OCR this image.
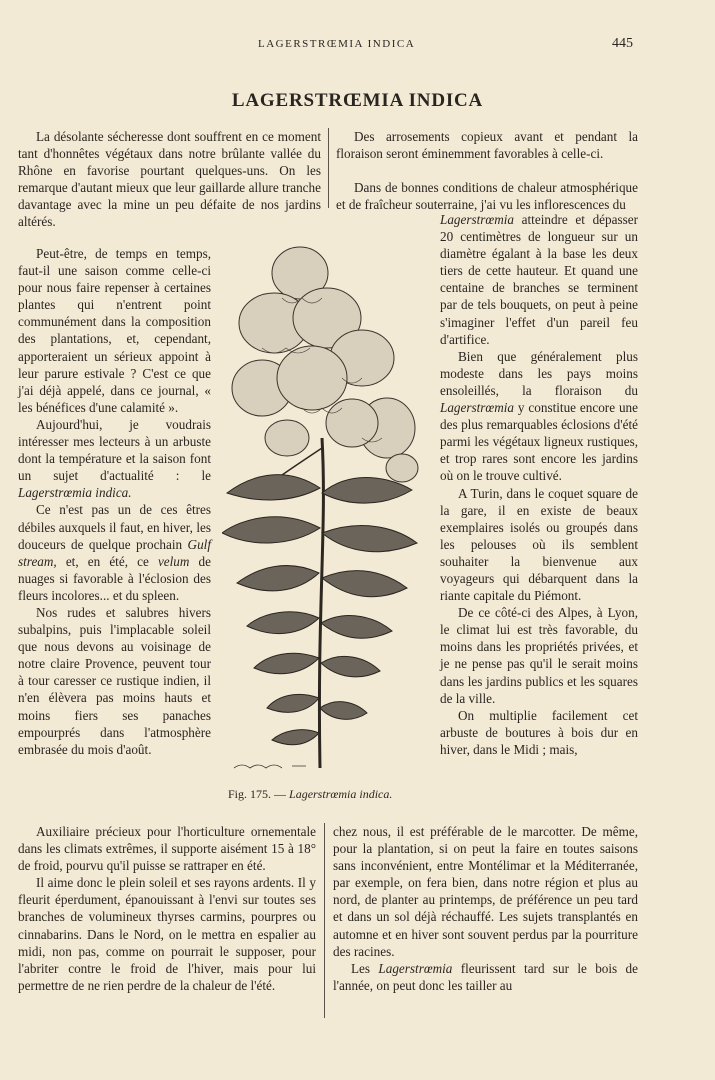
LAGERSTRŒMIA INDICA	445
LAGERSTRŒMIA INDICA

La désolante sécheresse dont souffrent en ce moment tant d'honnêtes végétaux dans notre brûlante vallée du Rhône en favorise pourtant quelques-uns. On les remarque d'autant mieux que leur gaillarde allure tranche davantage avec la mine un peu défaite de nos jardins altérés.

Peut-être, de temps en temps, faut-il une saison comme celle-ci pour nous faire repenser à certaines plantes qui n'entrent point communément dans la composition des plantations, et, cependant, apporteraient un sérieux appoint à leur parure estivale ? C'est ce que j'ai déjà appelé, dans ce journal, « les bénéfices d'une calamité ».

Aujourd'hui, je voudrais intéresser mes lecteurs à un arbuste dont la température et la saison font un sujet d'actualité : le Lagerstrœmia indica.

Ce n'est pas un de ces êtres débiles auxquels il faut, en hiver, les douceurs de quelque prochain Gulf stream, et, en été, ce velum de nuages si favorable à l'éclosion des fleurs incolores... et du spleen.

Nos rudes et salubres hivers subalpins, puis l'implacable soleil que nous devons au voisinage de notre claire Provence, peuvent tour à tour caresser ce rustique indien, il n'en élèvera pas moins hauts et moins fiers ses panaches empourprés dans l'atmosphère embrasée du mois d'août.

Des arrosements copieux avant et pendant la floraison seront éminemment favorables à celle-ci.

Dans de bonnes conditions de chaleur atmosphérique et de fraîcheur souterraine, j'ai vu les inflorescences du

Lagerstrœmia atteindre et dépasser 20 centimètres de longueur sur un diamètre égalant à la base les deux tiers de cette hauteur. Et quand une centaine de branches se terminent par de tels bouquets, on peut à peine s'imaginer l'effet d'un pareil feu d'artifice.

Bien que généralement plus modeste dans les pays moins ensoleillés, la floraison du Lagerstrœmia y constitue encore une des plus remarquables éclosions d'été parmi les végétaux ligneux rustiques, et trop rares sont encore les jardins où on le trouve cultivé.

A Turin, dans le coquet square de la gare, il en existe de beaux exemplaires isolés ou groupés dans les pelouses où ils semblent souhaiter la bienvenue aux voyageurs qui débarquent dans la riante capitale du Piémont.

De ce côté-ci des Alpes, à Lyon, le climat lui est très favorable, du moins dans les propriétés privées, et je ne pense pas qu'il le serait moins dans les jardins publics et les squares de la ville.

On multiplie facilement cet arbuste de boutures à bois dur en hiver, dans le Midi ; mais,

Fig. 175. — Lagerstrœmia indica.

Auxiliaire précieux pour l'horticulture ornementale dans les climats extrêmes, il supporte aisément 15 à 18° de froid, pourvu qu'il puisse se rattraper en été.

Il aime donc le plein soleil et ses rayons ardents. Il y fleurit éperdument, épanouissant à l'envi sur toutes ses branches de volumineux thyrses carmins, pourpres ou cinnabarins. Dans le Nord, on le mettra en espalier au midi, non pas, comme on pourrait le supposer, pour l'abriter contre le froid de l'hiver, mais pour lui permettre de ne rien perdre de la chaleur de l'été.

chez nous, il est préférable de le marcotter. De même, pour la plantation, si on peut la faire en toutes saisons sans inconvénient, entre Montélimar et la Méditerranée, par exemple, on fera bien, dans notre région et plus au nord, de planter au printemps, de préférence un peu tard et dans un sol déjà réchauffé. Les sujets transplantés en automne et en hiver sont souvent perdus par la pourriture des racines.

Les Lagerstrœmia fleurissent tard sur le bois de l'année, on peut donc les tailler au
